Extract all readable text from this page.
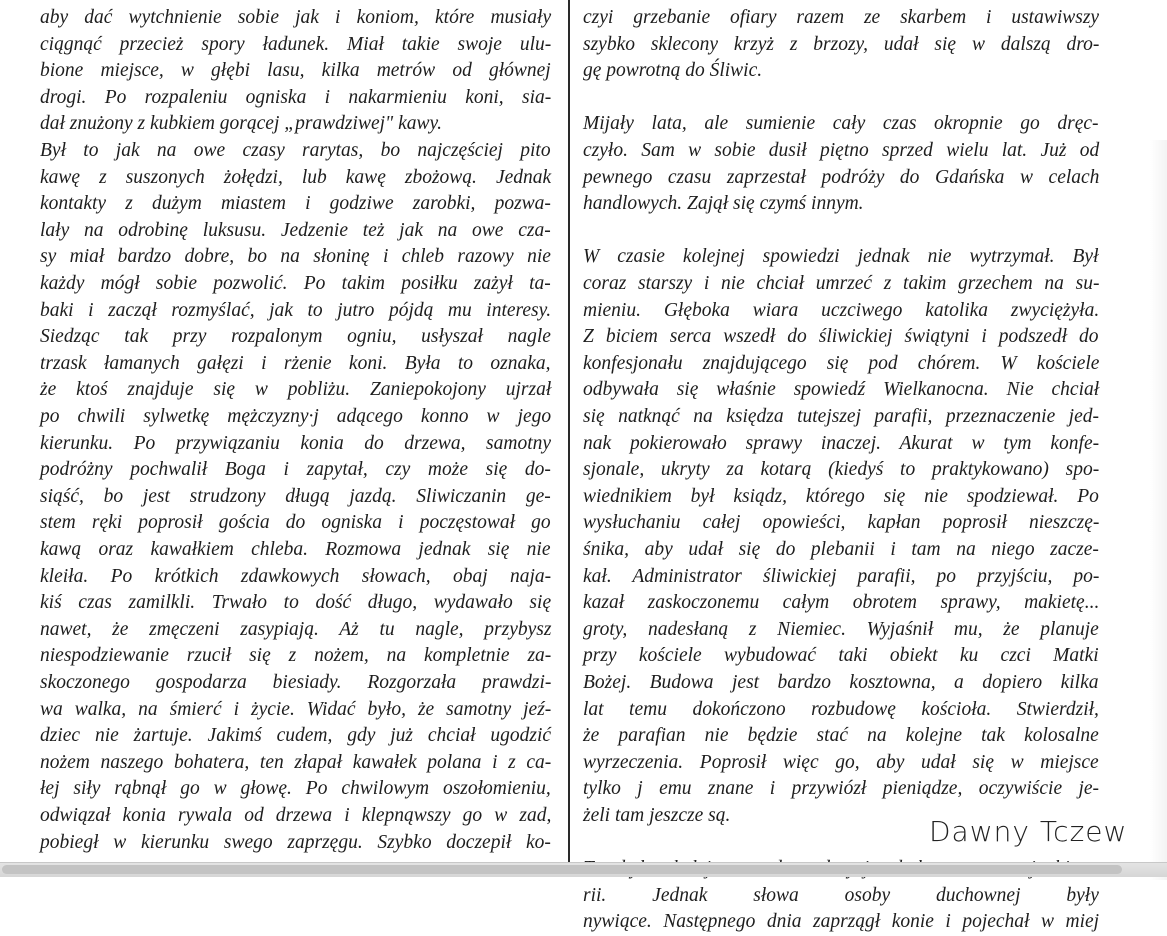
aby dać wytchnienie sobie jak i koniom, które musiały
ciągnąć przecież spory ładunek. Miał takie swoje ulu-
bione miejsce, w głębi lasu, kilka metrów od głównej
drogi. Po rozpaleniu ogniska i nakarmieniu koni, sia-
dał znużony z kubkiem gorącej „prawdziwej" kawy.
Był to jak na owe czasy rarytas, bo najczęściej pito
kawę z suszonych żołędzi, lub kawę zbożową. Jednak
kontakty z dużym miastem i godziwe zarobki, pozwa-
lały na odrobinę luksusu. Jedzenie też jak na owe cza-
sy miał bardzo dobre, bo na słoninę i chleb razowy nie
każdy mógł sobie pozwolić. Po takim posiłku zażył ta-
baki i zaczął rozmyślać, jak to jutro pójdą mu interesy.
Siedząc tak przy rozpalonym ogniu, usłyszał nagle
trzask łamanych gałęzi i rżenie koni. Była to oznaka,
że ktoś znajduje się w pobliżu. Zaniepokojony ujrzał
po chwili sylwetkę mężczyzny·j adącego konno w jego
kierunku. Po przywiązaniu konia do drzewa, samotny
podróżny pochwalił Boga i zapytał, czy może się do-
siąść, bo jest strudzony długą jazdą. Sliwiczanin ge-
stem ręki poprosił gościa do ogniska i poczęstował go
kawą oraz kawałkiem chleba. Rozmowa jednak się nie
kleiła. Po krótkich zdawkowych słowach, obaj naja-
kiś czas zamilkli. Trwało to dość długo, wydawało się
nawet, że zmęczeni zasypiają. Aż tu nagle, przybysz
niespodziewanie rzucił się z nożem, na kompletnie za-
skoczonego gospodarza biesiady. Rozgorzała prawdzi-
wa walka, na śmierć i życie. Widać było, że samotny jeź-
dziec nie żartuje. Jakimś cudem, gdy już chciał ugodzić
nożem naszego bohatera, ten złapał kawałek polana i z ca-
łej siły rąbnął go w głowę. Po chwilowym oszołomieniu,
odwiązał konia rywala od drzewa i klepnąwszy go w zad,
pobiegł w kierunku swego zaprzęgu. Szybko doczepił ko-
czyi grzebanie ofiary razem ze skarbem i ustawiwszy
szybko sklecony krzyż z brzozy, udał się w dalszą dro-
gę powrotną do Śliwic.
Mijały lata, ale sumienie cały czas okropnie go dręc-
czyło. Sam w sobie dusił piętno sprzed wielu lat. Już od
pewnego czasu zaprzestał podróży do Gdańska w celach
handlowych. Zajął się czymś innym.
W czasie kolejnej spowiedzi jednak nie wytrzymał. Był
coraz starszy i nie chciał umrzeć z takim grzechem na su-
mieniu. Głęboka wiara uczciwego katolika zwyciężyła.
Z biciem serca wszedł do śliwickiej świątyni i podszedł do
konfesjonału znajdującego się pod chórem. W kościele
odbywała się właśnie spowiedź Wielkanocna. Nie chciał
się natknąć na księdza tutejszej parafii, przeznaczenie jed-
nak pokierowało sprawy inaczej. Akurat w tym konfe-
sjonale, ukryty za kotarą (kiedyś to praktykowano) spo-
wiednikiem był ksiądz, którego się nie spodziewał. Po
wysłuchaniu całej opowieści, kapłan poprosił nieszczę-
śnika, aby udał się do plebanii i tam na niego zacze-
kał. Administrator śliwickiej parafii, po przyjściu, po-
kazał zaskoczonemu całym obrotem sprawy, makietę...
groty, nadesłaną z Niemiec. Wyjaśnił mu, że planuje
przy kościele wybudować taki obiekt ku czci Matki
Bożej. Budowa jest bardzo kosztowna, a dopiero kilka
lat temu dokończono rozbudowę kościoła. Stwierdził,
że parafian nie będzie stać na kolejne tak kolosalne
wyrzeczenia. Poprosił więc go, aby udał się w miejsce
tylko j emu znane i przywiózł pieniądze, oczywiście je-
żeli tam jeszcze są.
rii. Jednak słowa osoby duchownej były
nywiące. Następnego dnia zaprzągł konie i pojechał w miej
Dawny Tczew
